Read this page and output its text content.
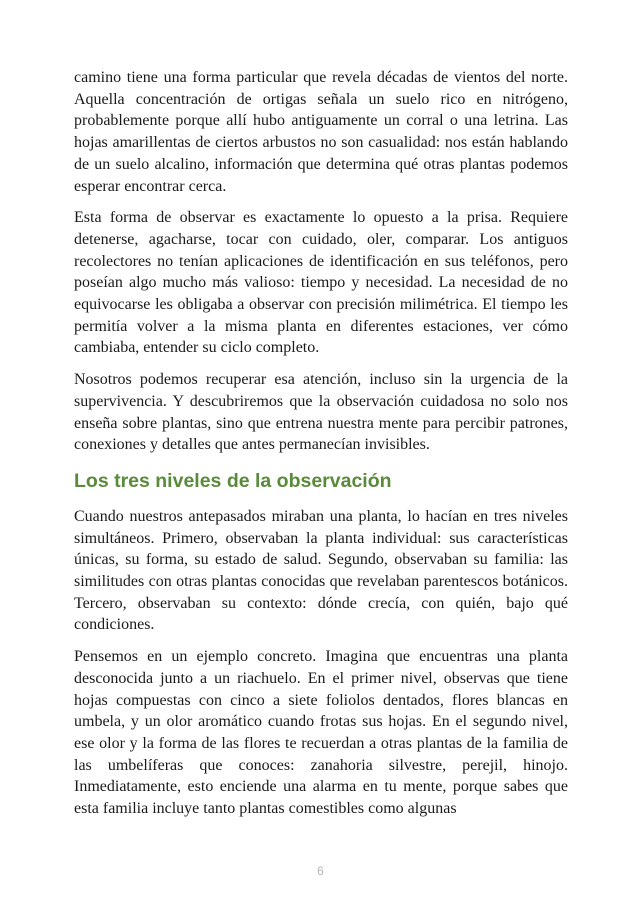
camino tiene una forma particular que revela décadas de vientos del norte. Aquella concentración de ortigas señala un suelo rico en nitrógeno, probablemente porque allí hubo antiguamente un corral o una letrina. Las hojas amarillentas de ciertos arbustos no son casualidad: nos están hablando de un suelo alcalino, información que determina qué otras plantas podemos esperar encontrar cerca.

Esta forma de observar es exactamente lo opuesto a la prisa. Requiere detenerse, agacharse, tocar con cuidado, oler, comparar. Los antiguos recolectores no tenían aplicaciones de identificación en sus teléfonos, pero poseían algo mucho más valioso: tiempo y necesidad. La necesidad de no equivocarse les obligaba a observar con precisión milimétrica. El tiempo les permitía volver a la misma planta en diferentes estaciones, ver cómo cambiaba, entender su ciclo completo.

Nosotros podemos recuperar esa atención, incluso sin la urgencia de la supervivencia. Y descubriremos que la observación cuidadosa no solo nos enseña sobre plantas, sino que entrena nuestra mente para percibir patrones, conexiones y detalles que antes permanecían invisibles.

Los tres niveles de la observación

Cuando nuestros antepasados miraban una planta, lo hacían en tres niveles simultáneos. Primero, observaban la planta individual: sus características únicas, su forma, su estado de salud. Segundo, observaban su familia: las similitudes con otras plantas conocidas que revelaban parentescos botánicos. Tercero, observaban su contexto: dónde crecía, con quién, bajo qué condiciones.

Pensemos en un ejemplo concreto. Imagina que encuentras una planta desconocida junto a un riachuelo. En el primer nivel, observas que tiene hojas compuestas con cinco a siete foliolos dentados, flores blancas en umbela, y un olor aromático cuando frotas sus hojas. En el segundo nivel, ese olor y la forma de las flores te recuerdan a otras plantas de la familia de las umbelíferas que conoces: zanahoria silvestre, perejil, hinojo. Inmediatamente, esto enciende una alarma en tu mente, porque sabes que esta familia incluye tanto plantas comestibles como algunas

6
